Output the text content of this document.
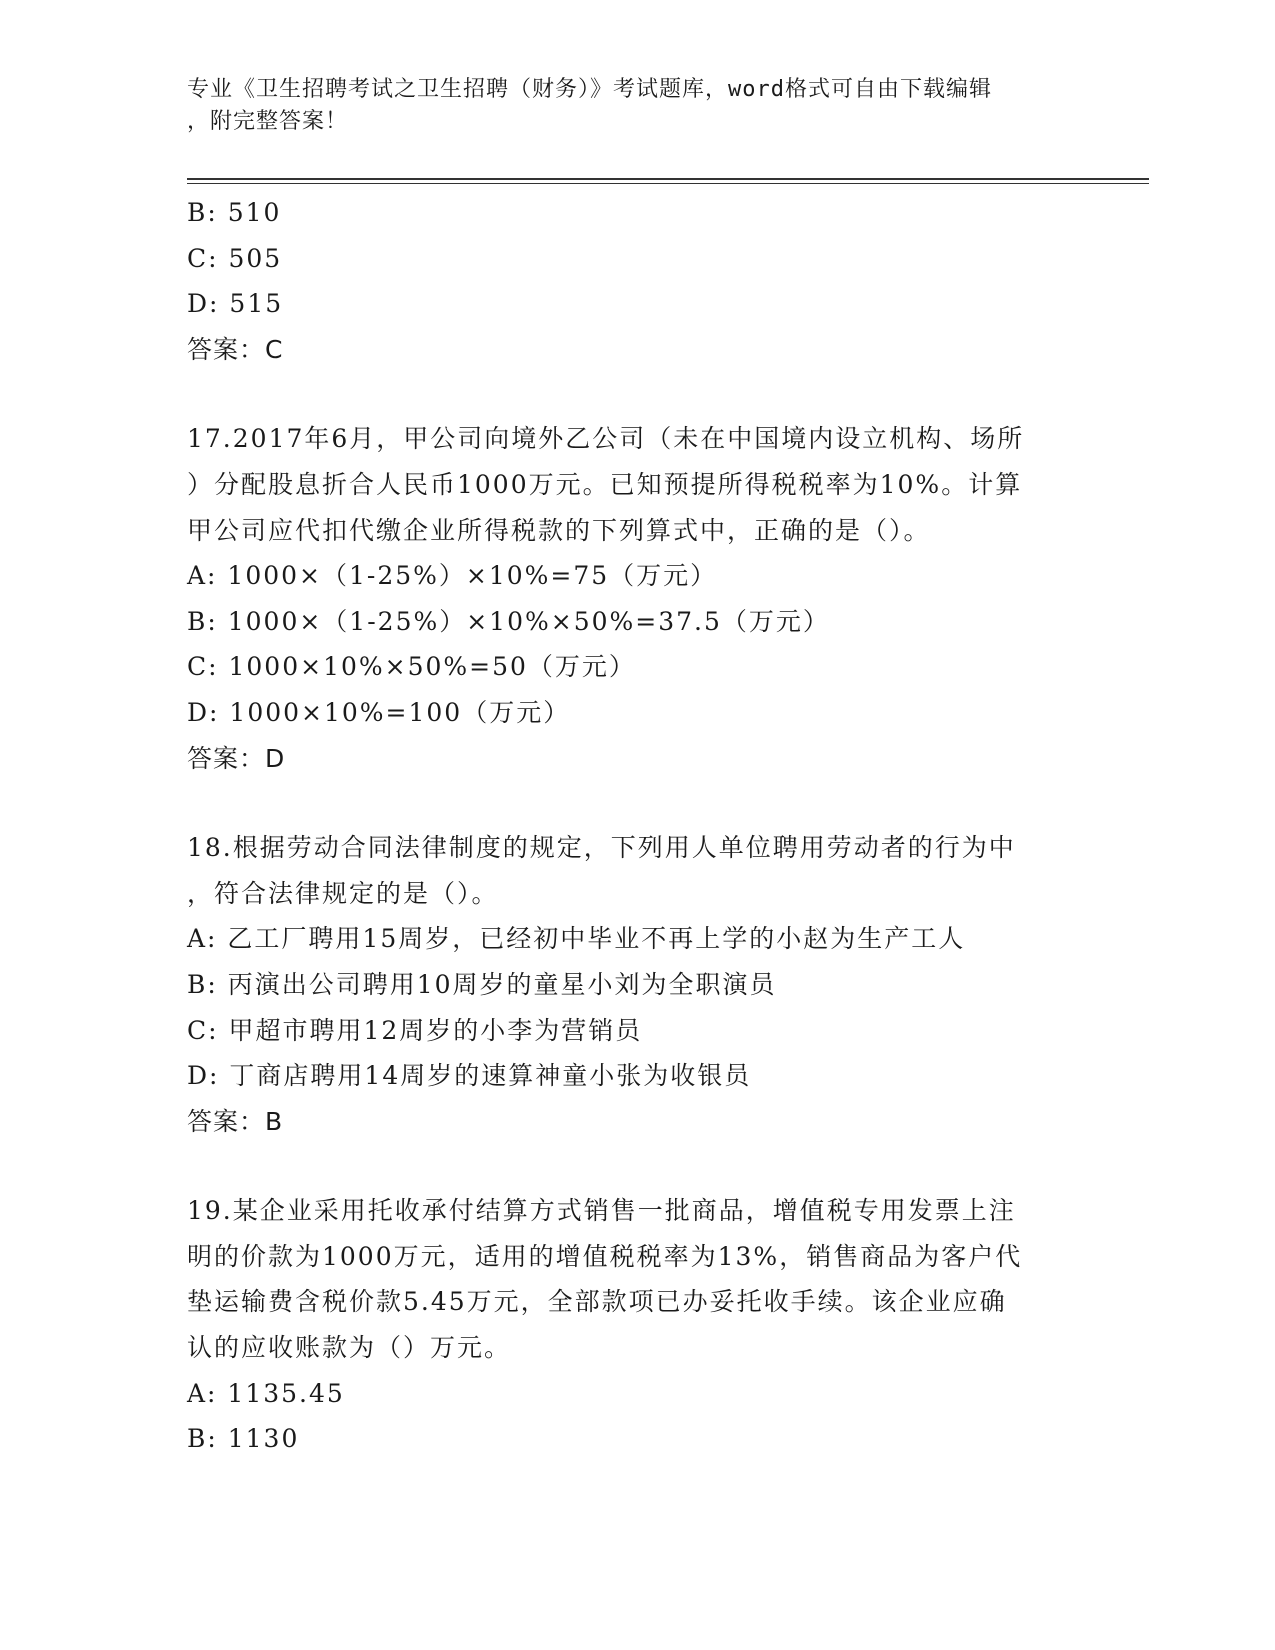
专业《卫生招聘考试之卫生招聘（财务）》考试题库，word格式可自由下载编辑
，附完整答案！
B: 510
C: 505
D: 515
答案：C
17.2017年6月，甲公司向境外乙公司（未在中国境内设立机构、场所
）分配股息折合人民币1000万元。已知预提所得税税率为10%。计算
甲公司应代扣代缴企业所得税款的下列算式中，正确的是（）。
A: 1000×（1-25%）×10%=75（万元）
B: 1000×（1-25%）×10%×50%=37.5（万元）
C: 1000×10%×50%=50（万元）
D: 1000×10%=100（万元）
答案：D
18.根据劳动合同法律制度的规定，下列用人单位聘用劳动者的行为中
，符合法律规定的是（）。
A: 乙工厂聘用15周岁，已经初中毕业不再上学的小赵为生产工人
B: 丙演出公司聘用10周岁的童星小刘为全职演员
C: 甲超市聘用12周岁的小李为营销员
D: 丁商店聘用14周岁的速算神童小张为收银员
答案：B
19.某企业采用托收承付结算方式销售一批商品，增值税专用发票上注
明的价款为1000万元，适用的增值税税率为13%，销售商品为客户代
垫运输费含税价款5.45万元，全部款项已办妥托收手续。该企业应确
认的应收账款为（）万元。
A: 1135.45
B: 1130
